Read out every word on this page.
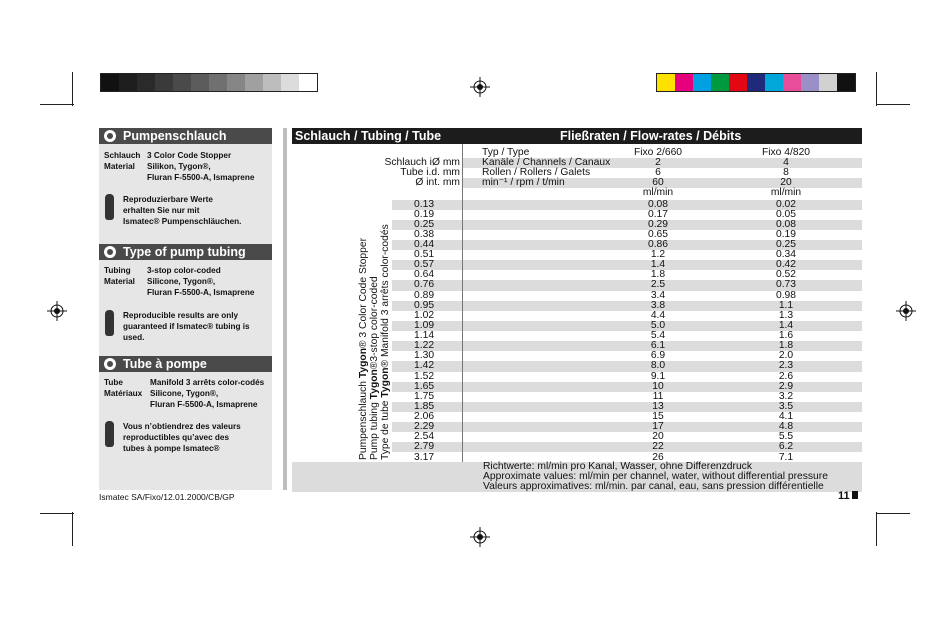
Pumpenschlauch
Schlauch 3 Color Code Stopper
Material Silikon, Tygon®,
Fluran F-5500-A, Ismaprene
Reproduzierbare Werte
erhalten Sie nur mit
Ismatec® Pumpenschläuchen.
Type of pump tubing
Tubing 3-stop color-coded
Material Silicone, Tygon®,
Fluran F-5500-A, Ismaprene
Reproducible results are only
guaranteed if Ismatec® tubing is
used.
Tube à pompe
Tube	Manifold 3 arrêts color-codés
Matériaux Silicone, Tygon®,
Fluran F-5500-A, Ismaprene
Vous n’obtiendrez des valeurs
reproductibles qu’avec des
tubes à pompe Ismatec®
Schlauch / Tubing / Tube	Fließraten / Flow-rates / Débits
Typ / Type	Fixo 2/660	Fixo 4/820
Schlauch iØ mm Kanäle / Channels / Canaux	2	4
Tube i.d. mm Rollen / Rollers / Galets	6	8
Ø int. mm min⁻¹ / rpm / t/min	60	20
ml/min	ml/min
0.13	0.08	0.02
0.19	0.17	0.05
0.25	0.29	0.08
0.38	0.65	0.19
0.44	0.86	0.25
0.51	1.2	0.34
0.57	1.4	0.42
0.64	1.8	0.52
0.76	2.5	0.73
0.89	3.4	0.98
0.95	3.8	1.1
1.02	4.4	1.3
1.09	5.0	1.4
1.14	5.4	1.6
1.22	6.1	1.8
1.30	6.9	2.0
1.42	8.0	2.3
1.52	9.1	2.6
1.65	10	2.9
1.75	11	3.2
1.85	13	3.5
2.06	15	4.1
2.29	17	4.8
2.54	20	5.5
2.79	22	6.2
3.17	26	7.1
Pumpenschlauch Tygon® 3 Color Code Stopper
Pump tubing Tygon®3-stop color-coded
Type de tube Tygon® Manifold 3 arrêts color-codés
Richtwerte: ml/min pro Kanal, Wasser, ohne Differenzdruck
Approximate values: ml/min per channel, water, without differential pressure
Valeurs approximatives: ml/min. par canal, eau, sans pression différentielle
Ismatec SA/Fixo/12.01.2000/CB/GP	11
